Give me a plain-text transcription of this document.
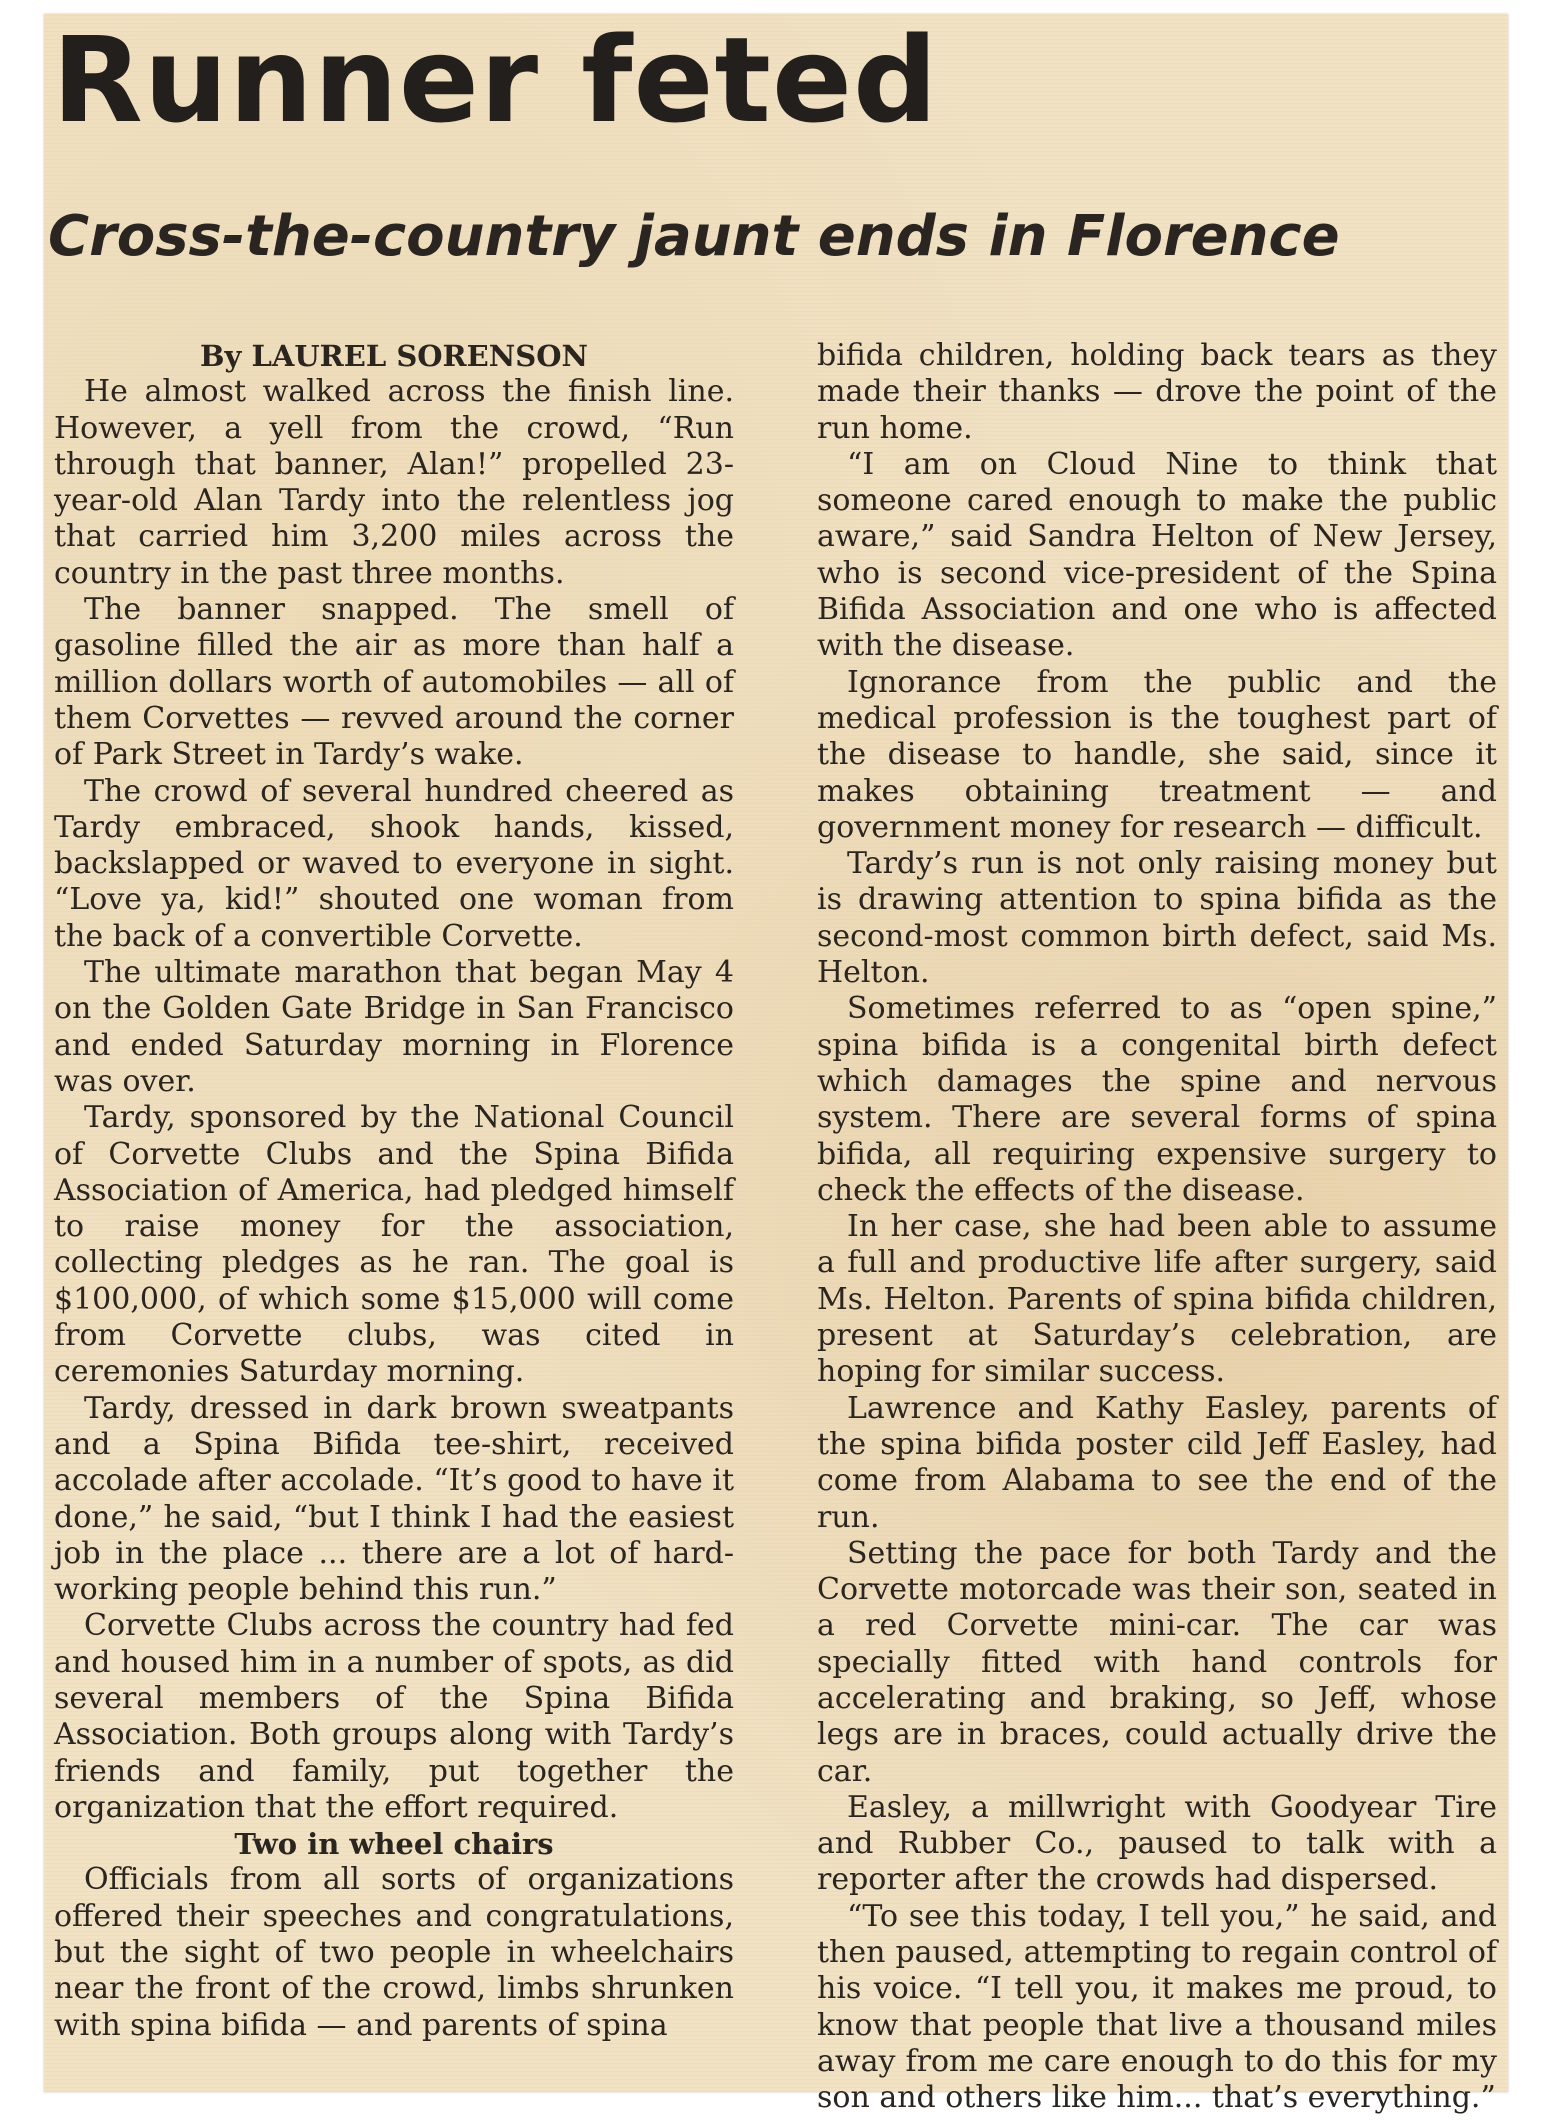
Runner feted
Cross-the-country jaunt ends in Florence
By LAUREL SORENSON

He almost walked across the finish line. However, a yell from the crowd, “Run through that banner, Alan!” propelled 23-year-old Alan Tardy into the relentless jog that carried him 3,200 miles across the country in the past three months.

The banner snapped. The smell of gasoline filled the air as more than half a million dollars worth of automobiles — all of them Corvettes — revved around the corner of Park Street in Tardy’s wake.

The crowd of several hundred cheered as Tardy embraced, shook hands, kissed, backslapped or waved to everyone in sight. “Love ya, kid!” shouted one woman from the back of a convertible Corvette.

The ultimate marathon that began May 4 on the Golden Gate Bridge in San Francisco and ended Saturday morning in Florence was over.

Tardy, sponsored by the National Council of Corvette Clubs and the Spina Bifida Association of America, had pledged himself to raise money for the association, collecting pledges as he ran. The goal is $100,000, of which some $15,000 will come from Corvette clubs, was cited in ceremonies Saturday morning.

Tardy, dressed in dark brown sweatpants and a Spina Bifida tee-shirt, received accolade after accolade. “It’s good to have it done,” he said, “but I think I had the easiest job in the place ... there are a lot of hard-working people behind this run.”

Corvette Clubs across the country had fed and housed him in a number of spots, as did several members of the Spina Bifida Association. Both groups along with Tardy’s friends and family, put together the organization that the effort required.

Two in wheel chairs

Officials from all sorts of organizations offered their speeches and congratulations, but the sight of two people in wheelchairs near the front of the crowd, limbs shrunken with spina bifida — and parents of spina

bifida children, holding back tears as they made their thanks — drove the point of the run home.

“I am on Cloud Nine to think that someone cared enough to make the public aware,” said Sandra Helton of New Jersey, who is second vice-president of the Spina Bifida Association and one who is affected with the disease.

Ignorance from the public and the medical profession is the toughest part of the disease to handle, she said, since it makes obtaining treatment — and government money for research — difficult.

Tardy’s run is not only raising money but is drawing attention to spina bifida as the second-most common birth defect, said Ms. Helton.

Sometimes referred to as “open spine,” spina bifida is a congenital birth defect which damages the spine and nervous system. There are several forms of spina bifida, all requiring expensive surgery to check the effects of the disease.

In her case, she had been able to assume a full and productive life after surgery, said Ms. Helton. Parents of spina bifida children, present at Saturday’s celebration, are hoping for similar success.

Lawrence and Kathy Easley, parents of the spina bifida poster cild Jeff Easley, had come from Alabama to see the end of the run.

Setting the pace for both Tardy and the Corvette motorcade was their son, seated in a red Corvette mini-car. The car was specially fitted with hand controls for accelerating and braking, so Jeff, whose legs are in braces, could actually drive the car.

Easley, a millwright with Goodyear Tire and Rubber Co., paused to talk with a reporter after the crowds had dispersed.

“To see this today, I tell you,” he said, and then paused, attempting to regain control of his voice. “I tell you, it makes me proud, to know that people that live a thousand miles away from me care enough to do this for my son and others like him... that’s everything.”
